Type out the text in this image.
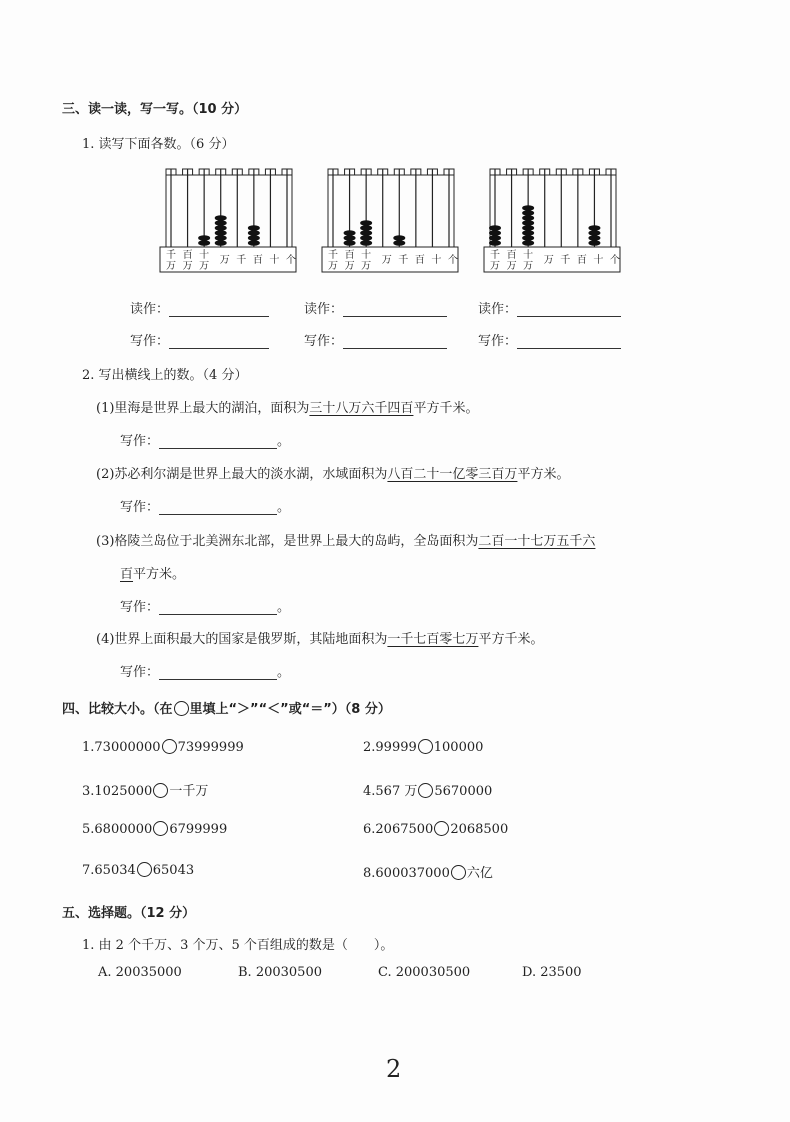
三、读一读，写一写。（10 分）
1. 读写下面各数。（6 分）
千
万
百
万
十
万
万 千 百 十 个	千
万
百
万
十
万
万 千 百 十 个	千
万
百
万
十
万
万 千 百 十 个
读作：	读作：	读作：
写作：	写作：	写作：
2. 写出横线上的数。（4 分）
(1)里海是世界上最大的湖泊，面积为三十八万六千四百平方千米。
写作：	。
(2)苏必利尔湖是世界上最大的淡水湖，水域面积为八百二十一亿零三百万平方米。
写作：	。
(3)格陵兰岛位于北美洲东北部，是世界上最大的岛屿，全岛面积为二百一十七万五千六
百平方米。
写作：	。
(4)世界上面积最大的国家是俄罗斯，其陆地面积为一千七百零七万平方千米。
写作：	。
四、比较大小。（在 里填上“＞”“＜”或“＝”）（8 分）
1.73000000 73999999	2.99999 100000
3.1025000 一千万	4.567 万 5670000
5.6800000 6799999	6.2067500 2068500
7.65034 65043	8.600037000 六亿
五、选择题。（12 分）
1. 由 2 个千万、3 个万、5 个百组成的数是（　　）。
A. 20035000	B. 20030500	C. 200030500	D. 23500
2
